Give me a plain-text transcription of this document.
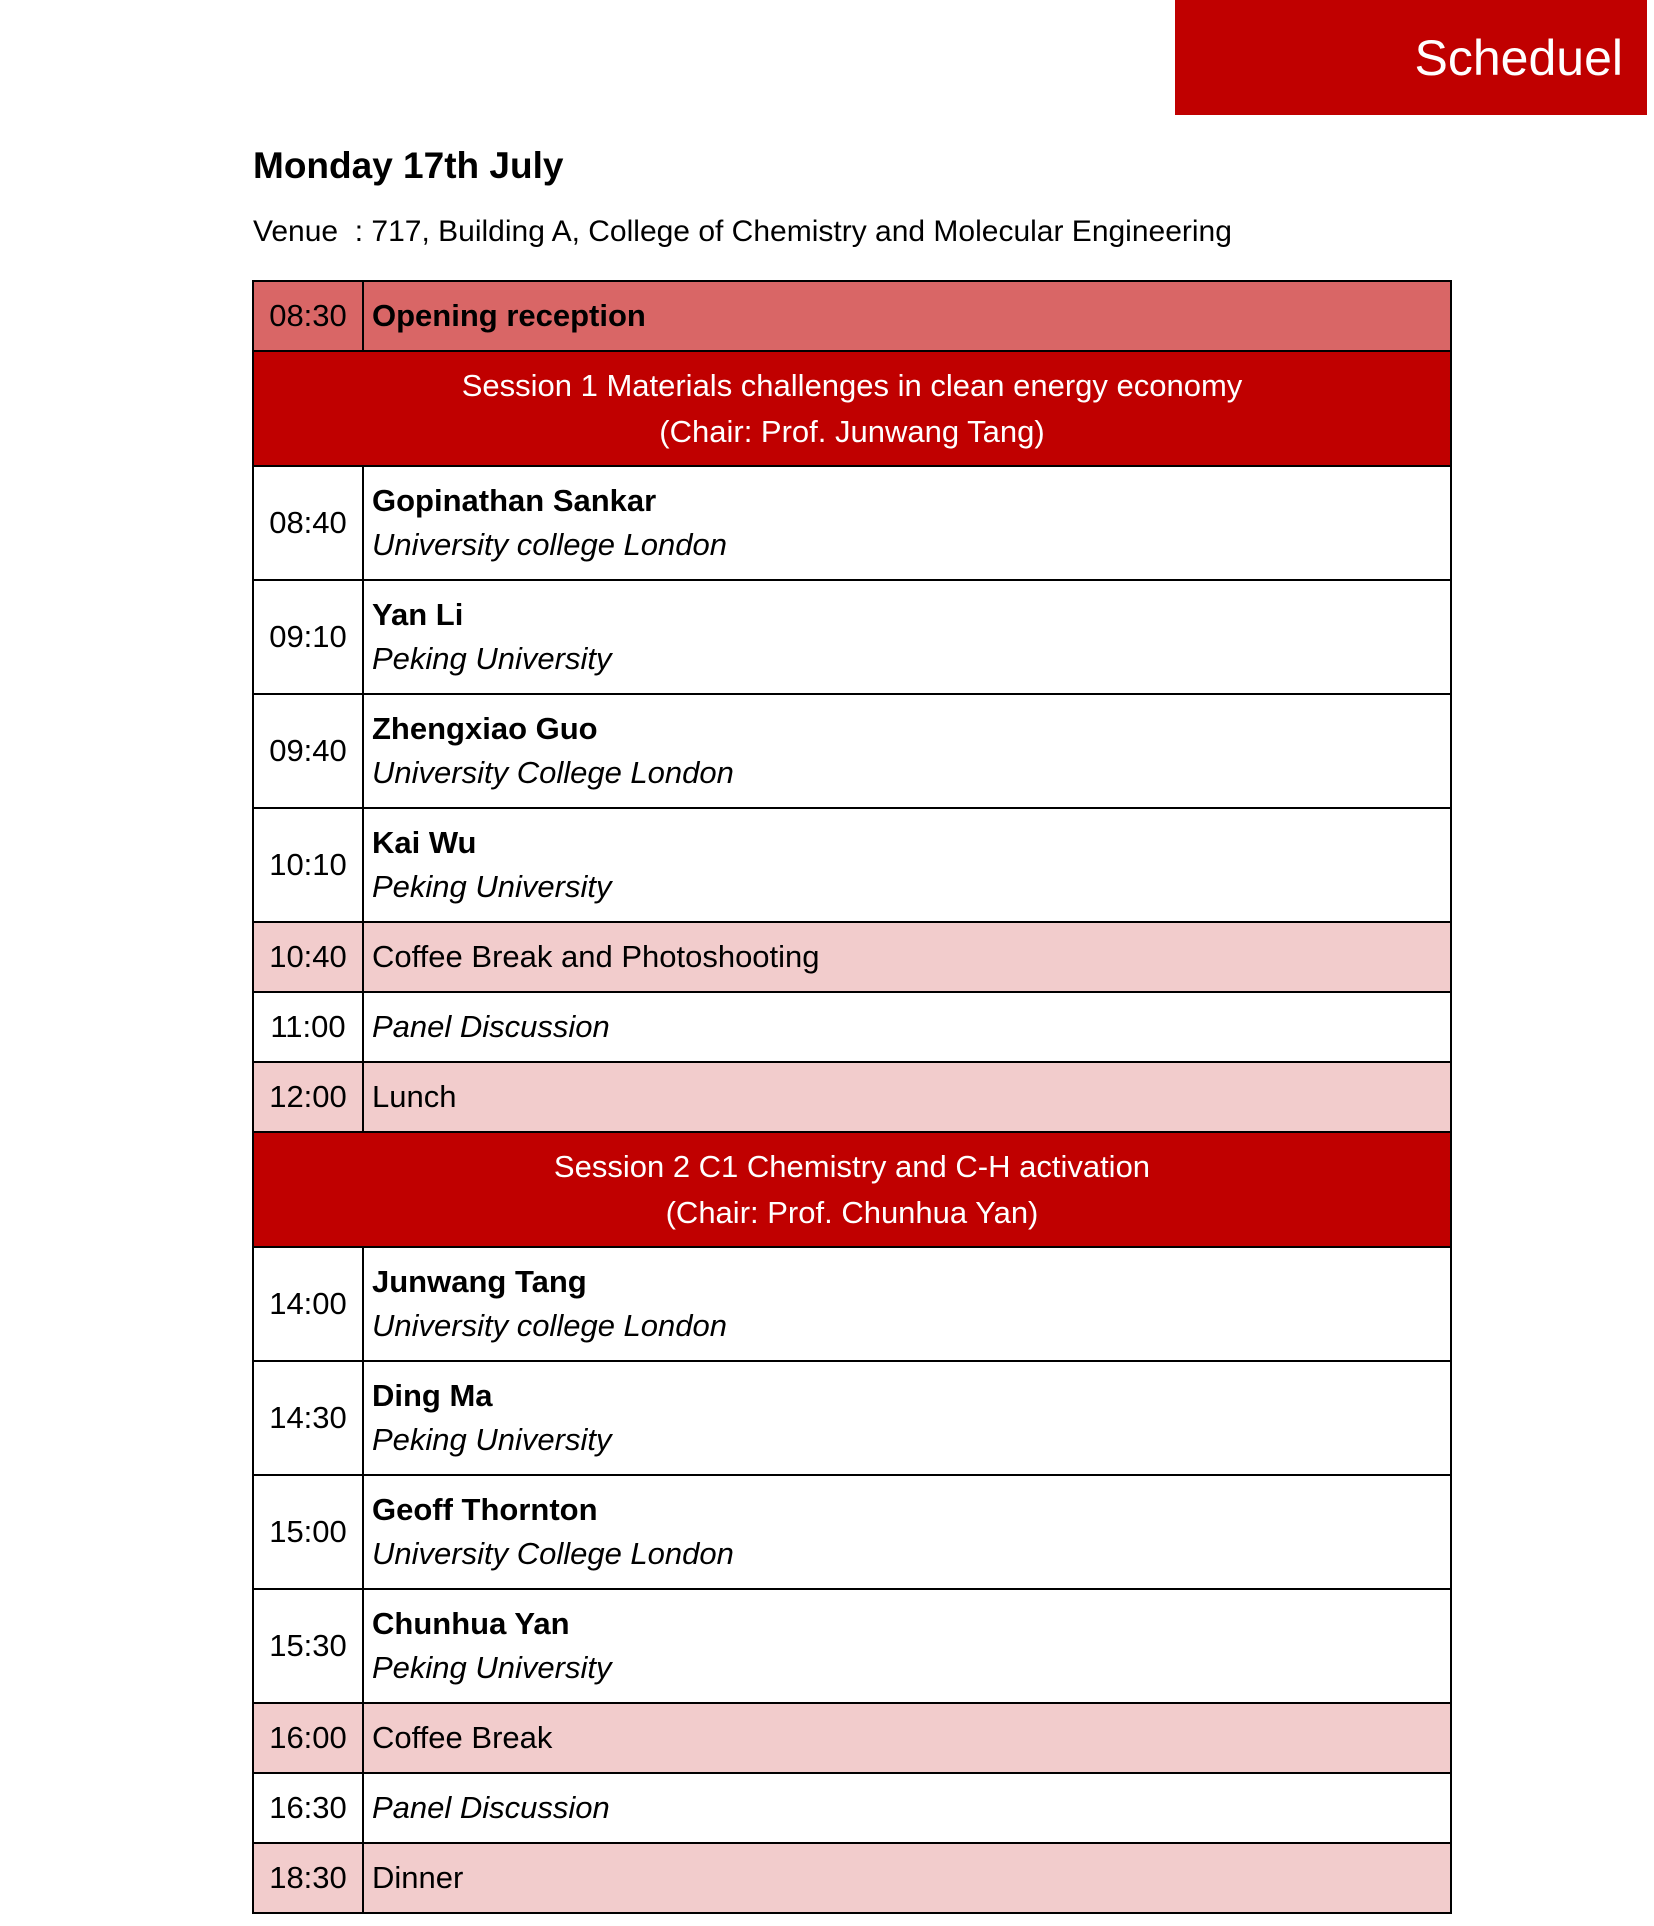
Scheduel
Monday 17th July
Venue  : 717, Building A, College of Chemistry and Molecular Engineering
08:30	Opening reception

Session 1 Materials challenges in clean energy economy
(Chair: Prof. Junwang Tang)	

08:40	Gopinathan Sankar
University college London

09:10	Yan Li
Peking University

09:40	Zhengxiao Guo
University College London

10:10	Kai Wu
Peking University

10:40	Coffee Break and Photoshooting
11:00	Panel Discussion
12:00	Lunch

Session 2 C1 Chemistry and C-H activation
(Chair: Prof. Chunhua Yan)	

14:00	Junwang Tang
University college London

14:30	Ding Ma
Peking University

15:00	Geoff Thornton
University College London

15:30	Chunhua Yan
Peking University

16:00	Coffee Break
16:30	Panel Discussion
18:30	Dinner
